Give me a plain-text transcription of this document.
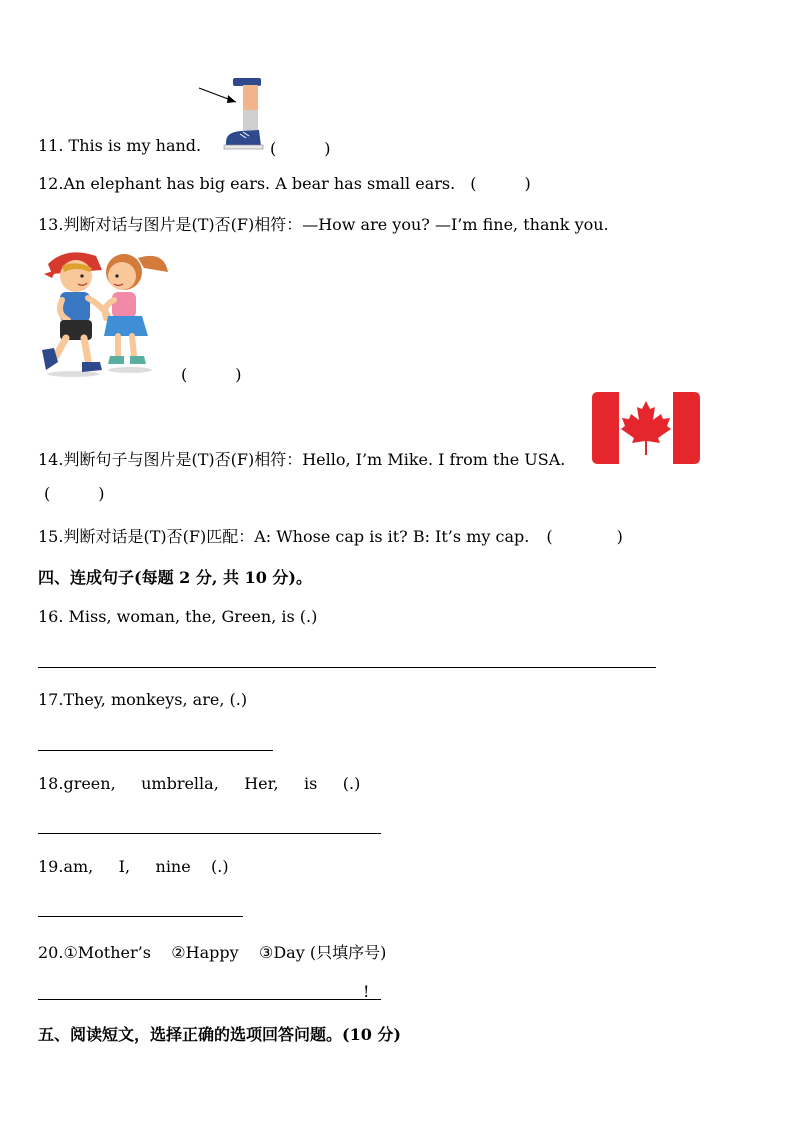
11. This is my hand.	(　　　)
12.An elephant has big ears. A bear has small ears. (　　　)
13.判断对话与图片是(T)否(F)相符：—How are you? —I’m fine, thank you.
(　　　)
14.判断句子与图片是(T)否(F)相符：Hello, I’m Mike. I from the USA.
(　　　)
15.判断对话是(T)否(F)匹配：A: Whose cap is it? B: It’s my cap. (　　　　)
四、连成句子(每题 2 分, 共 10 分)。
16. Miss, woman, the, Green, is (.)
17.They, monkeys, are, (.)
18.green,     umbrella,     Her,     is     (.)
19.am,     I,     nine    (.)
20.①Mother’s    ②Happy    ③Day (只填序号)
!
五、阅读短文，选择正确的选项回答问题。(10 分)
